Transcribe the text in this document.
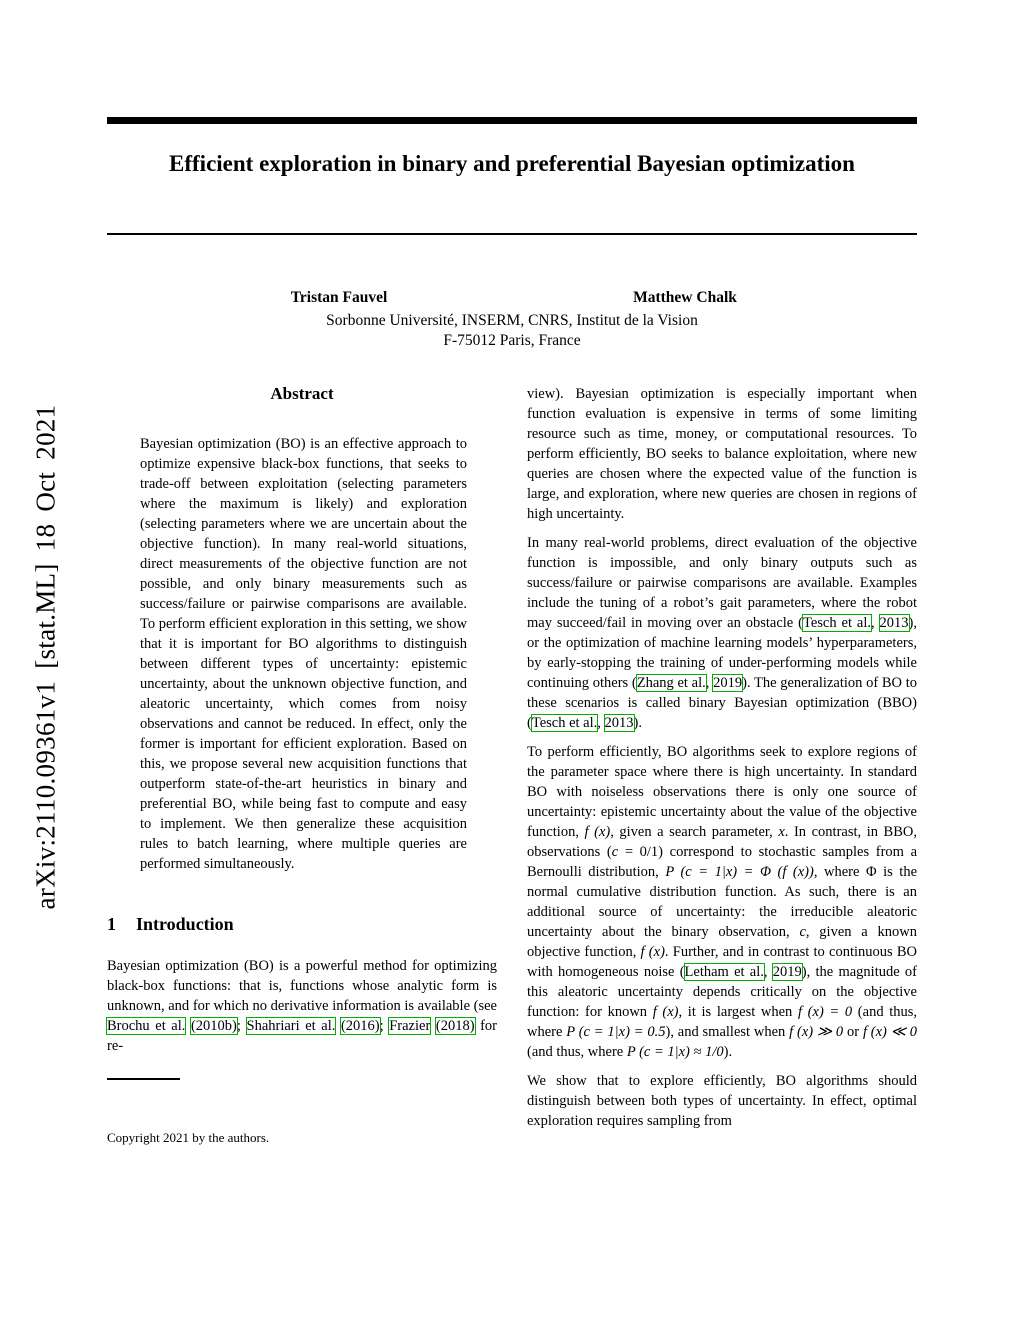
Efficient exploration in binary and preferential Bayesian optimization
Tristan Fauvel	Matthew Chalk
Sorbonne Université, INSERM, CNRS, Institut de la Vision
F-75012 Paris, France
arXiv:2110.09361v1 [stat.ML] 18 Oct 2021
Abstract
Bayesian optimization (BO) is an effective approach to optimize expensive black-box functions, that seeks to trade-off between exploitation (selecting parameters where the maximum is likely) and exploration (selecting parameters where we are uncertain about the objective function). In many real-world situations, direct measurements of the objective function are not possible, and only binary measurements such as success/failure or pairwise comparisons are available. To perform efficient exploration in this setting, we show that it is important for BO algorithms to distinguish between different types of uncertainty: epistemic uncertainty, about the unknown objective function, and aleatoric uncertainty, which comes from noisy observations and cannot be reduced. In effect, only the former is important for efficient exploration. Based on this, we propose several new acquisition functions that outperform state-of-the-art heuristics in binary and preferential BO, while being fast to compute and easy to implement. We then generalize these acquisition rules to batch learning, where multiple queries are performed simultaneously.
1 Introduction
Bayesian optimization (BO) is a powerful method for optimizing black-box functions: that is, functions whose analytic form is unknown, and for which no derivative information is available (see Brochu et al. (2010b); Shahriari et al. (2016); Frazier (2018) for re-
Copyright 2021 by the authors.
view). Bayesian optimization is especially important when function evaluation is expensive in terms of some limiting resource such as time, money, or computational resources. To perform efficiently, BO seeks to balance exploitation, where new queries are chosen where the expected value of the function is large, and exploration, where new queries are chosen in regions of high uncertainty.
In many real-world problems, direct evaluation of the objective function is impossible, and only binary outputs such as success/failure or pairwise comparisons are available. Examples include the tuning of a robot’s gait parameters, where the robot may succeed/fail in moving over an obstacle (Tesch et al., 2013), or the optimization of machine learning models’ hyperparameters, by early-stopping the training of under-performing models while continuing others (Zhang et al., 2019). The generalization of BO to these scenarios is called binary Bayesian optimization (BBO) (Tesch et al., 2013).
To perform efficiently, BO algorithms seek to explore regions of the parameter space where there is high uncertainty. In standard BO with noiseless observations there is only one source of uncertainty: epistemic uncertainty about the value of the objective function, f (x), given a search parameter, x. In contrast, in BBO, observations (c = 0/1) correspond to stochastic samples from a Bernoulli distribution, P (c = 1|x) = Φ (f (x)), where Φ is the normal cumulative distribution function. As such, there is an additional source of uncertainty: the irreducible aleatoric uncertainty about the binary observation, c, given a known objective function, f (x). Further, and in contrast to continuous BO with homogeneous noise (Letham et al., 2019), the magnitude of this aleatoric uncertainty depends critically on the objective function: for known f (x), it is largest when f (x) = 0 (and thus, where P (c = 1|x) = 0.5), and smallest when f (x) ≫ 0 or f (x) ≪ 0 (and thus, where P (c = 1|x) ≈ 1/0).
We show that to explore efficiently, BO algorithms should distinguish between both types of uncertainty. In effect, optimal exploration requires sampling from
